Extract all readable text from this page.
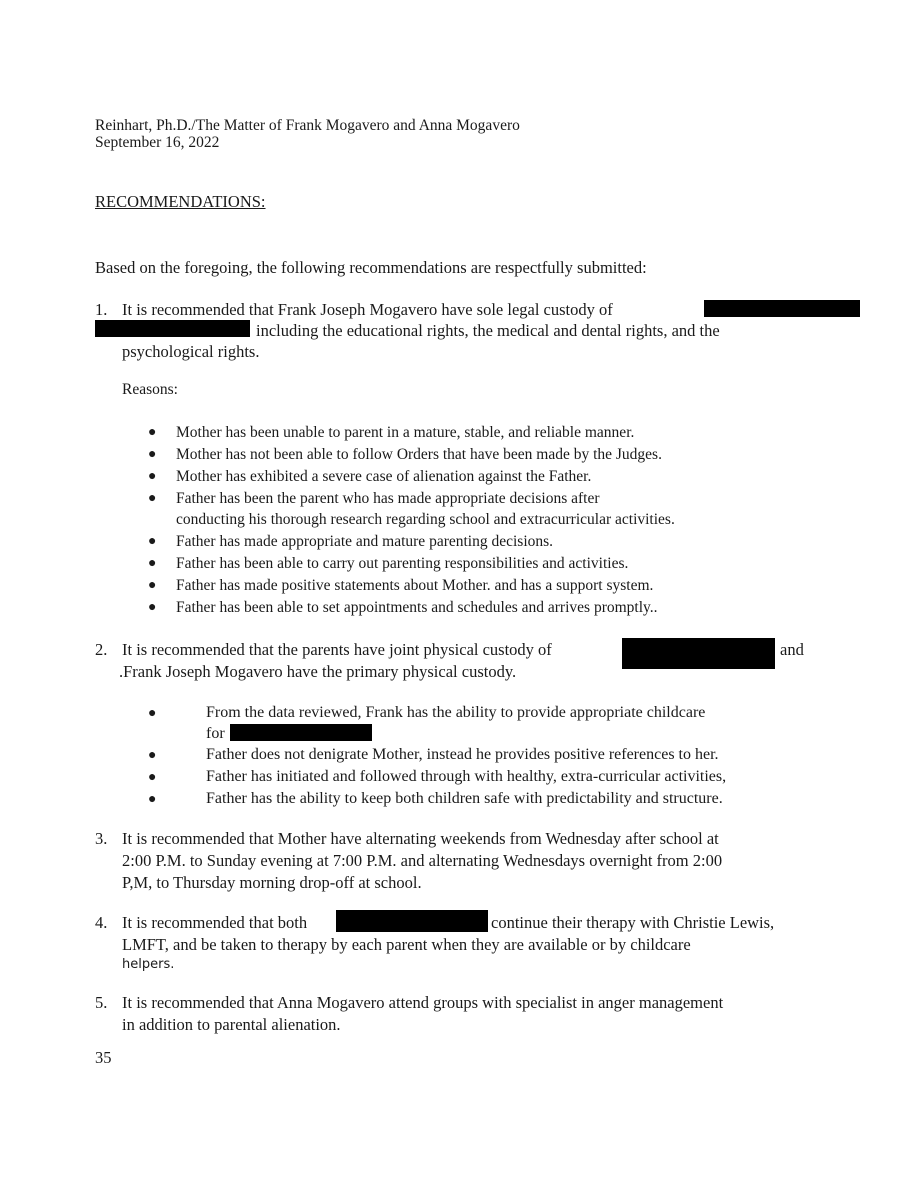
Reinhart, Ph.D./The Matter of Frank Mogavero and Anna Mogavero
September 16, 2022
RECOMMENDATIONS:
Based on the foregoing, the following recommendations are respectfully submitted:
1. It is recommended that Frank Joseph Mogavero have sole legal custody of
including the educational rights, the medical and dental rights, and the
psychological rights.
Reasons:
● Mother has been unable to parent in a mature, stable, and reliable manner.
● Mother has not been able to follow Orders that have been made by the Judges.
● Mother has exhibited a severe case of alienation against the Father.
● Father has been the parent who has made appropriate decisions after
conducting his thorough research regarding school and extracurricular activities.
● Father has made appropriate and mature parenting decisions.
● Father has been able to carry out parenting responsibilities and activities.
● Father has made positive statements about Mother. and has a support system.
● Father has been able to set appointments and schedules and arrives promptly..
2. It is recommended that the parents have joint physical custody of	and
.Frank Joseph Mogavero have the primary physical custody.
●	From the data reviewed, Frank has the ability to provide appropriate childcare
for
●	Father does not denigrate Mother, instead he provides positive references to her.
●	Father has initiated and followed through with healthy, extra-curricular activities,
●	Father has the ability to keep both children safe with predictability and structure.
3. It is recommended that Mother have alternating weekends from Wednesday after school at
2:00 P.M. to Sunday evening at 7:00 P.M. and alternating Wednesdays overnight from 2:00
P,M, to Thursday morning drop-off at school.
4. It is recommended that both	continue their therapy with Christie Lewis,
LMFT, and be taken to therapy by each parent when they are available or by childcare
helpers.
5. It is recommended that Anna Mogavero attend groups with specialist in anger management
in addition to parental alienation.
35
